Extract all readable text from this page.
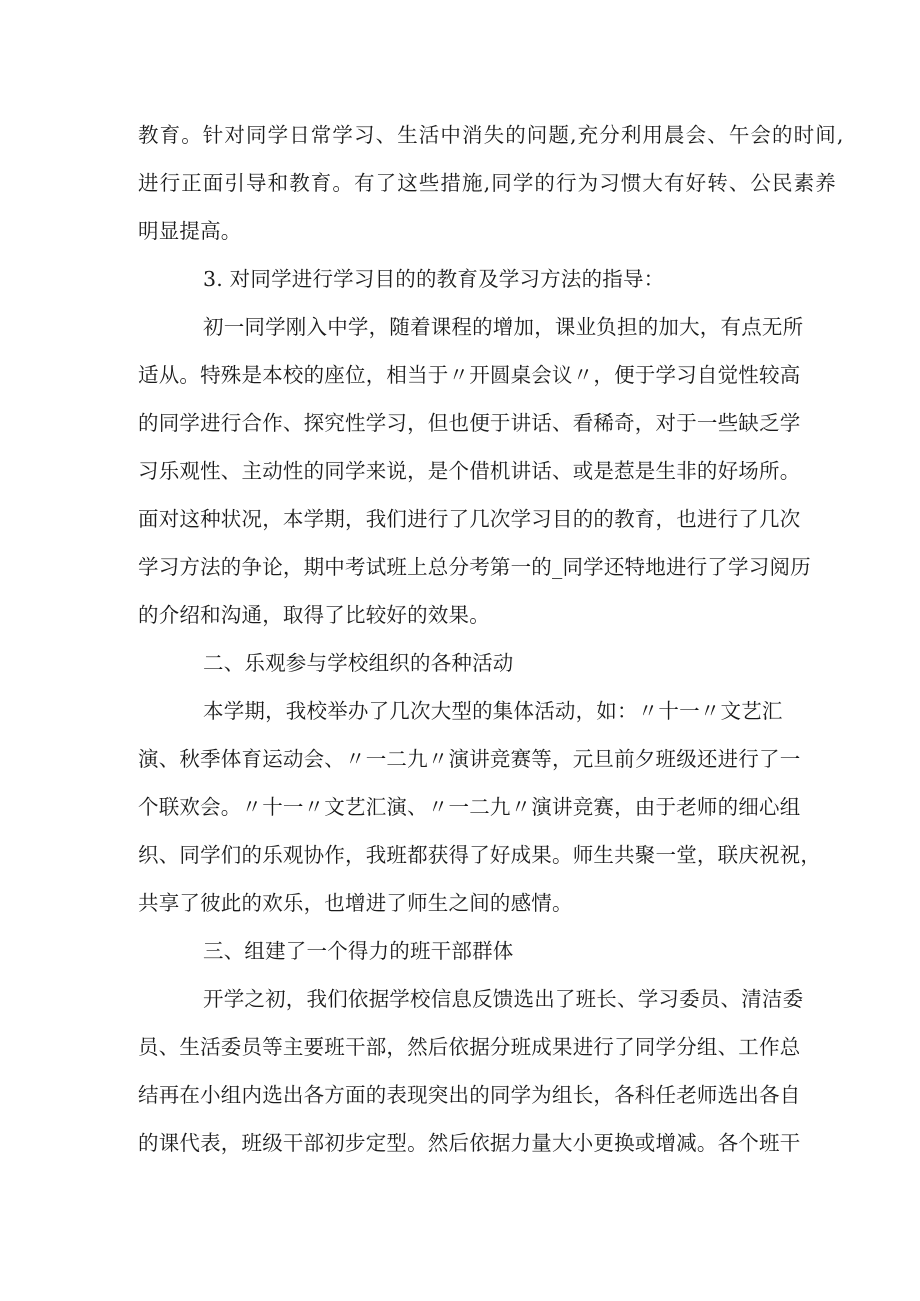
教育。针对同学日常学习、生活中消失的问题,充分利用晨会、午会的时间,
进行正面引导和教育。有了这些措施,同学的行为习惯大有好转、公民素养
明显提高。
3. 对同学进行学习目的的教育及学习方法的指导：
初一同学刚入中学，随着课程的增加，课业负担的加大，有点无所
适从。特殊是本校的座位，相当于〃开圆桌会议〃，便于学习自觉性较高
的同学进行合作、探究性学习，但也便于讲话、看稀奇，对于一些缺乏学
习乐观性、主动性的同学来说，是个借机讲话、或是惹是生非的好场所。
面对这种状况，本学期，我们进行了几次学习目的的教育，也进行了几次
学习方法的争论，期中考试班上总分考第一的_同学还特地进行了学习阅历
的介绍和沟通，取得了比较好的效果。
二、乐观参与学校组织的各种活动
本学期，我校举办了几次大型的集体活动，如：〃十一〃文艺汇
演、秋季体育运动会、〃一二九〃演讲竞赛等，元旦前夕班级还进行了一
个联欢会。〃十一〃文艺汇演、〃一二九〃演讲竞赛，由于老师的细心组
织、同学们的乐观协作，我班都获得了好成果。师生共聚一堂，联庆祝祝，
共享了彼此的欢乐，也增进了师生之间的感情。
三、组建了一个得力的班干部群体
开学之初，我们依据学校信息反馈选出了班长、学习委员、清洁委
员、生活委员等主要班干部，然后依据分班成果进行了同学分组、工作总
结再在小组内选出各方面的表现突出的同学为组长，各科任老师选出各自
的课代表，班级干部初步定型。然后依据力量大小更换或增减。各个班干
